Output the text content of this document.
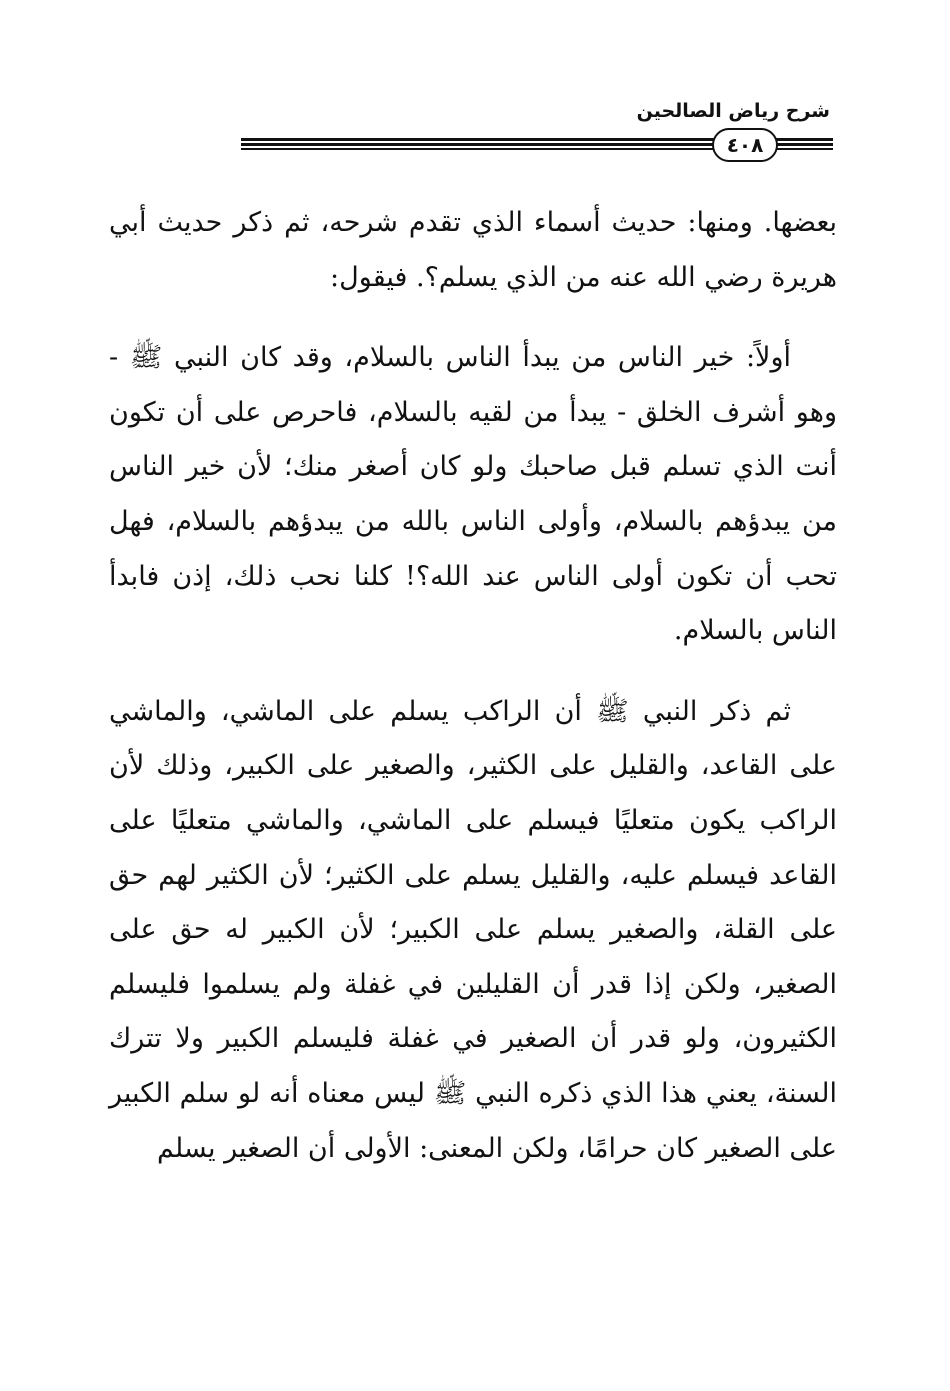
شرح رياض الصالحين
٤٠٨

بعضها. ومنها: حديث أسماء الذي تقدم شرحه، ثم ذكر حديث أبي هريرة رضي الله عنه من الذي يسلم؟. فيقول:

أولاً: خير الناس من يبدأ الناس بالسلام، وقد كان النبي ﷺ - وهو أشرف الخلق - يبدأ من لقيه بالسلام، فاحرص على أن تكون أنت الذي تسلم قبل صاحبك ولو كان أصغر منك؛ لأن خير الناس من يبدؤهم بالسلام، وأولى الناس بالله من يبدؤهم بالسلام، فهل تحب أن تكون أولى الناس عند الله؟! كلنا نحب ذلك، إذن فابدأ الناس بالسلام.

ثم ذكر النبي ﷺ أن الراكب يسلم على الماشي، والماشي على القاعد، والقليل على الكثير، والصغير على الكبير، وذلك لأن الراكب يكون متعليًا فيسلم على الماشي، والماشي متعليًا على القاعد فيسلم عليه، والقليل يسلم على الكثير؛ لأن الكثير لهم حق على القلة، والصغير يسلم على الكبير؛ لأن الكبير له حق على الصغير، ولكن إذا قدر أن القليلين في غفلة ولم يسلموا فليسلم الكثيرون، ولو قدر أن الصغير في غفلة فليسلم الكبير ولا تترك السنة، يعني هذا الذي ذكره النبي ﷺ ليس معناه أنه لو سلم الكبير على الصغير كان حرامًا، ولكن المعنى: الأولى أن الصغير يسلم
